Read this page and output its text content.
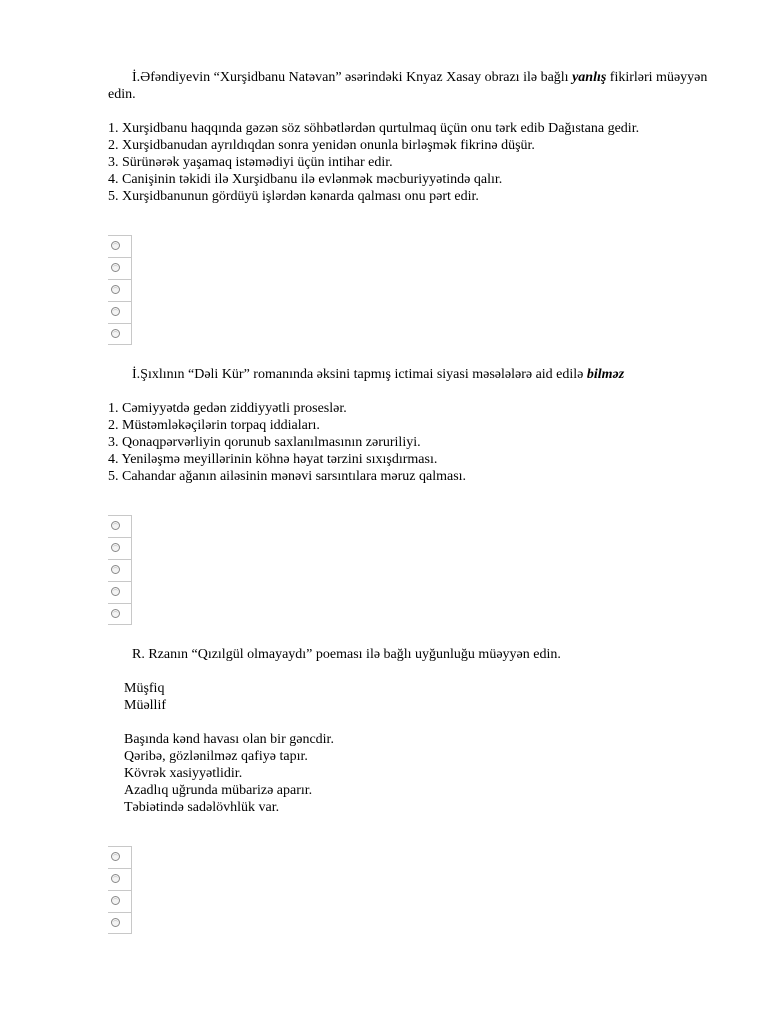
İ.Əfəndiyevin “Xurşidbanu Natəvan” əsərindəki Knyaz Xasay obrazı ilə bağlı yanlış fikirləri müəyyən edin.

1. Xurşidbanu haqqında gəzən söz söhbətlərdən qurtulmaq üçün onu tərk edib Dağıstana gedir.
2. Xurşidbanudan ayrıldıqdan sonra yenidən onunla birləşmək fikrinə düşür.
3. Sürünərək yaşamaq istəmədiyi üçün intihar edir.
4. Canişinin təkidi ilə Xurşidbanu ilə evlənmək məcburiyyətində qalır.
5. Xurşidbanunun gördüyü işlərdən kənarda qalması onu pərt edir.

İ.Şıxlının “Dəli Kür” romanında əksini tapmış ictimai siyasi məsələlərə aid edilə bilməz

1. Cəmiyyətdə gedən ziddiyyətli proseslər.
2. Müstəmləkəçilərin torpaq iddiaları.
3. Qonaqpərvərliyin qorunub saxlanılmasının zəruriliyi.
4. Yeniləşmə meyillərinin köhnə həyat tərzini sıxışdırması.
5. Cahandar ağanın ailəsinin mənəvi sarsıntılara məruz qalması.

R. Rzanın “Qızılgül olmayaydı” poeması ilə bağlı uyğunluğu müəyyən edin.

Müşfiq
Müəllif
Başında kənd havası olan bir gəncdir.
Qəribə, gözlənilməz qafiyə tapır.
Kövrək xasiyyətlidir.
Azadlıq uğrunda mübarizə aparır.
Təbiətində sadəlövhlük var.
